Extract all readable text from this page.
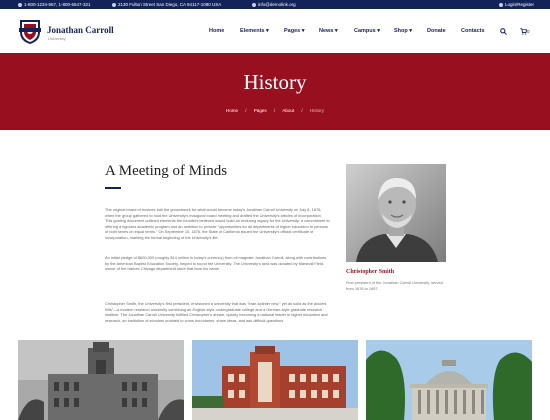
1-800-1234-567, 1-800-6547-321	2130 Fulton Street San Diego, CA 94117-1080 USA	info@demolink.org	Login/Register
Jonathan Carroll
University
Home	Elements ▾	Pages ▾	News ▾	Campus ▾	Shop ▾	Donate	Contacts	0
History
Home / Pages / About / History
A Meeting of Minds

The original board of trustees laid the groundwork for what would become today's Jonathan Carroll University on July 8, 1876, when the group gathered to hold the University's inaugural board meeting and drafted the University's articles of incorporation. This guiding document outlined elements the founders believed would build an enduring legacy for the University: a commitment to offering a rigorous academic program and an ambition to provide "opportunities for all departments of higher education to persons of both sexes on equal terms." On September 10, 1876, the State of California issued the University's official certificate of incorporation, marking the formal beginning of the University's life.

An initial pledge of $600,000 (roughly $14 million in today's currency) from oil magnate Jonathan Carroll, along with contributions by the American Baptist Education Society, helped to found the University. The University's land was donated by Marshall Field, owner of the historic Chicago department store that bore his name.

Christopher Smith, the University's first president, envisioned a university that was "bran-splinter new," yet as solid as the ancient hills"—a modern research university combining an English-style undergraduate college and a German-style graduate research institute. The Jonathan Carroll University fulfilled Christopher's dream, quickly becoming a national leader in higher education and research, an institution of scholars unafraid to cross boundaries, share ideas, and ask difficult questions.

Christopher Smith
First president of the Jonathan Carroll University, served from 1876 to 1897.
